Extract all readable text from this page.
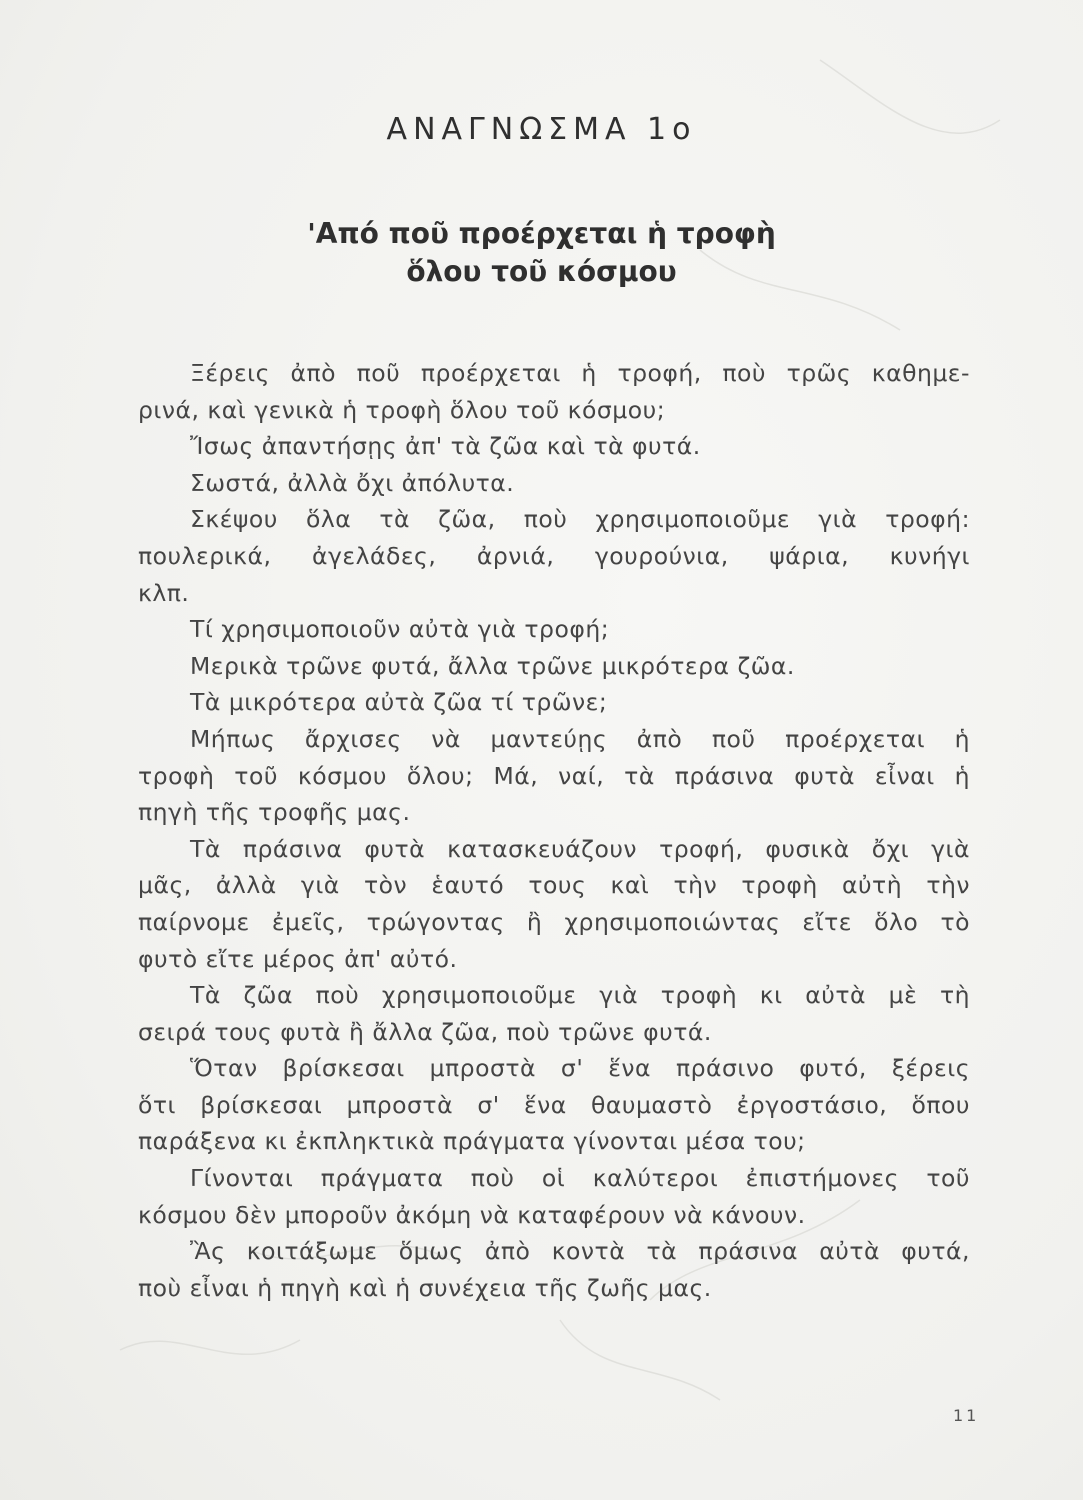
ΑΝΑΓΝΩΣΜΑ 1ο
'Από ποῦ προέρχεται ἡ τροφὴ
ὅλου τοῦ κόσμου
Ξέρεις ἀπὸ ποῦ προέρχεται ἡ τροφή, ποὺ τρῶς καθημε-
ρινά, καὶ γενικὰ ἡ τροφὴ ὅλου τοῦ κόσμου;
Ἴσως ἀπαντήσῃς ἀπ' τὰ ζῶα καὶ τὰ φυτά.
Σωστά, ἀλλὰ ὄχι ἀπόλυτα.
Σκέψου ὅλα τὰ ζῶα, ποὺ χρησιμοποιοῦμε γιὰ τροφή:
πουλερικά, ἀγελάδες, ἀρνιά, γουρούνια, ψάρια, κυνήγι
κλπ.
Τί χρησιμοποιοῦν αὐτὰ γιὰ τροφή;
Μερικὰ τρῶνε φυτά, ἄλλα τρῶνε μικρότερα ζῶα.
Τὰ μικρότερα αὐτὰ ζῶα τί τρῶνε;
Μήπως ἄρχισες νὰ μαντεύῃς ἀπὸ ποῦ προέρχεται ἡ
τροφὴ τοῦ κόσμου ὅλου; Μά, ναί, τὰ πράσινα φυτὰ εἶναι ἡ
πηγὴ τῆς τροφῆς μας.
Τὰ πράσινα φυτὰ κατασκευάζουν τροφή, φυσικὰ ὄχι γιὰ
μᾶς, ἀλλὰ γιὰ τὸν ἑαυτό τους καὶ τὴν τροφὴ αὐτὴ τὴν
παίρνομε ἐμεῖς, τρώγοντας ἢ χρησιμοποιώντας εἴτε ὅλο τὸ
φυτὸ εἴτε μέρος ἀπ' αὐτό.
Τὰ ζῶα ποὺ χρησιμοποιοῦμε γιὰ τροφὴ κι αὐτὰ μὲ τὴ
σειρά τους φυτὰ ἢ ἄλλα ζῶα, ποὺ τρῶνε φυτά.
Ὅταν βρίσκεσαι μπροστὰ σ' ἕνα πράσινο φυτό, ξέρεις
ὅτι βρίσκεσαι μπροστὰ σ' ἕνα θαυμαστὸ ἐργοστάσιο, ὅπου
παράξενα κι ἐκπληκτικὰ πράγματα γίνονται μέσα του;
Γίνονται πράγματα ποὺ οἱ καλύτεροι ἐπιστήμονες τοῦ
κόσμου δὲν μποροῦν ἀκόμη νὰ καταφέρουν νὰ κάνουν.
Ἂς κοιτάξωμε ὅμως ἀπὸ κοντὰ τὰ πράσινα αὐτὰ φυτά,
ποὺ εἶναι ἡ πηγὴ καὶ ἡ συνέχεια τῆς ζωῆς μας.
11
